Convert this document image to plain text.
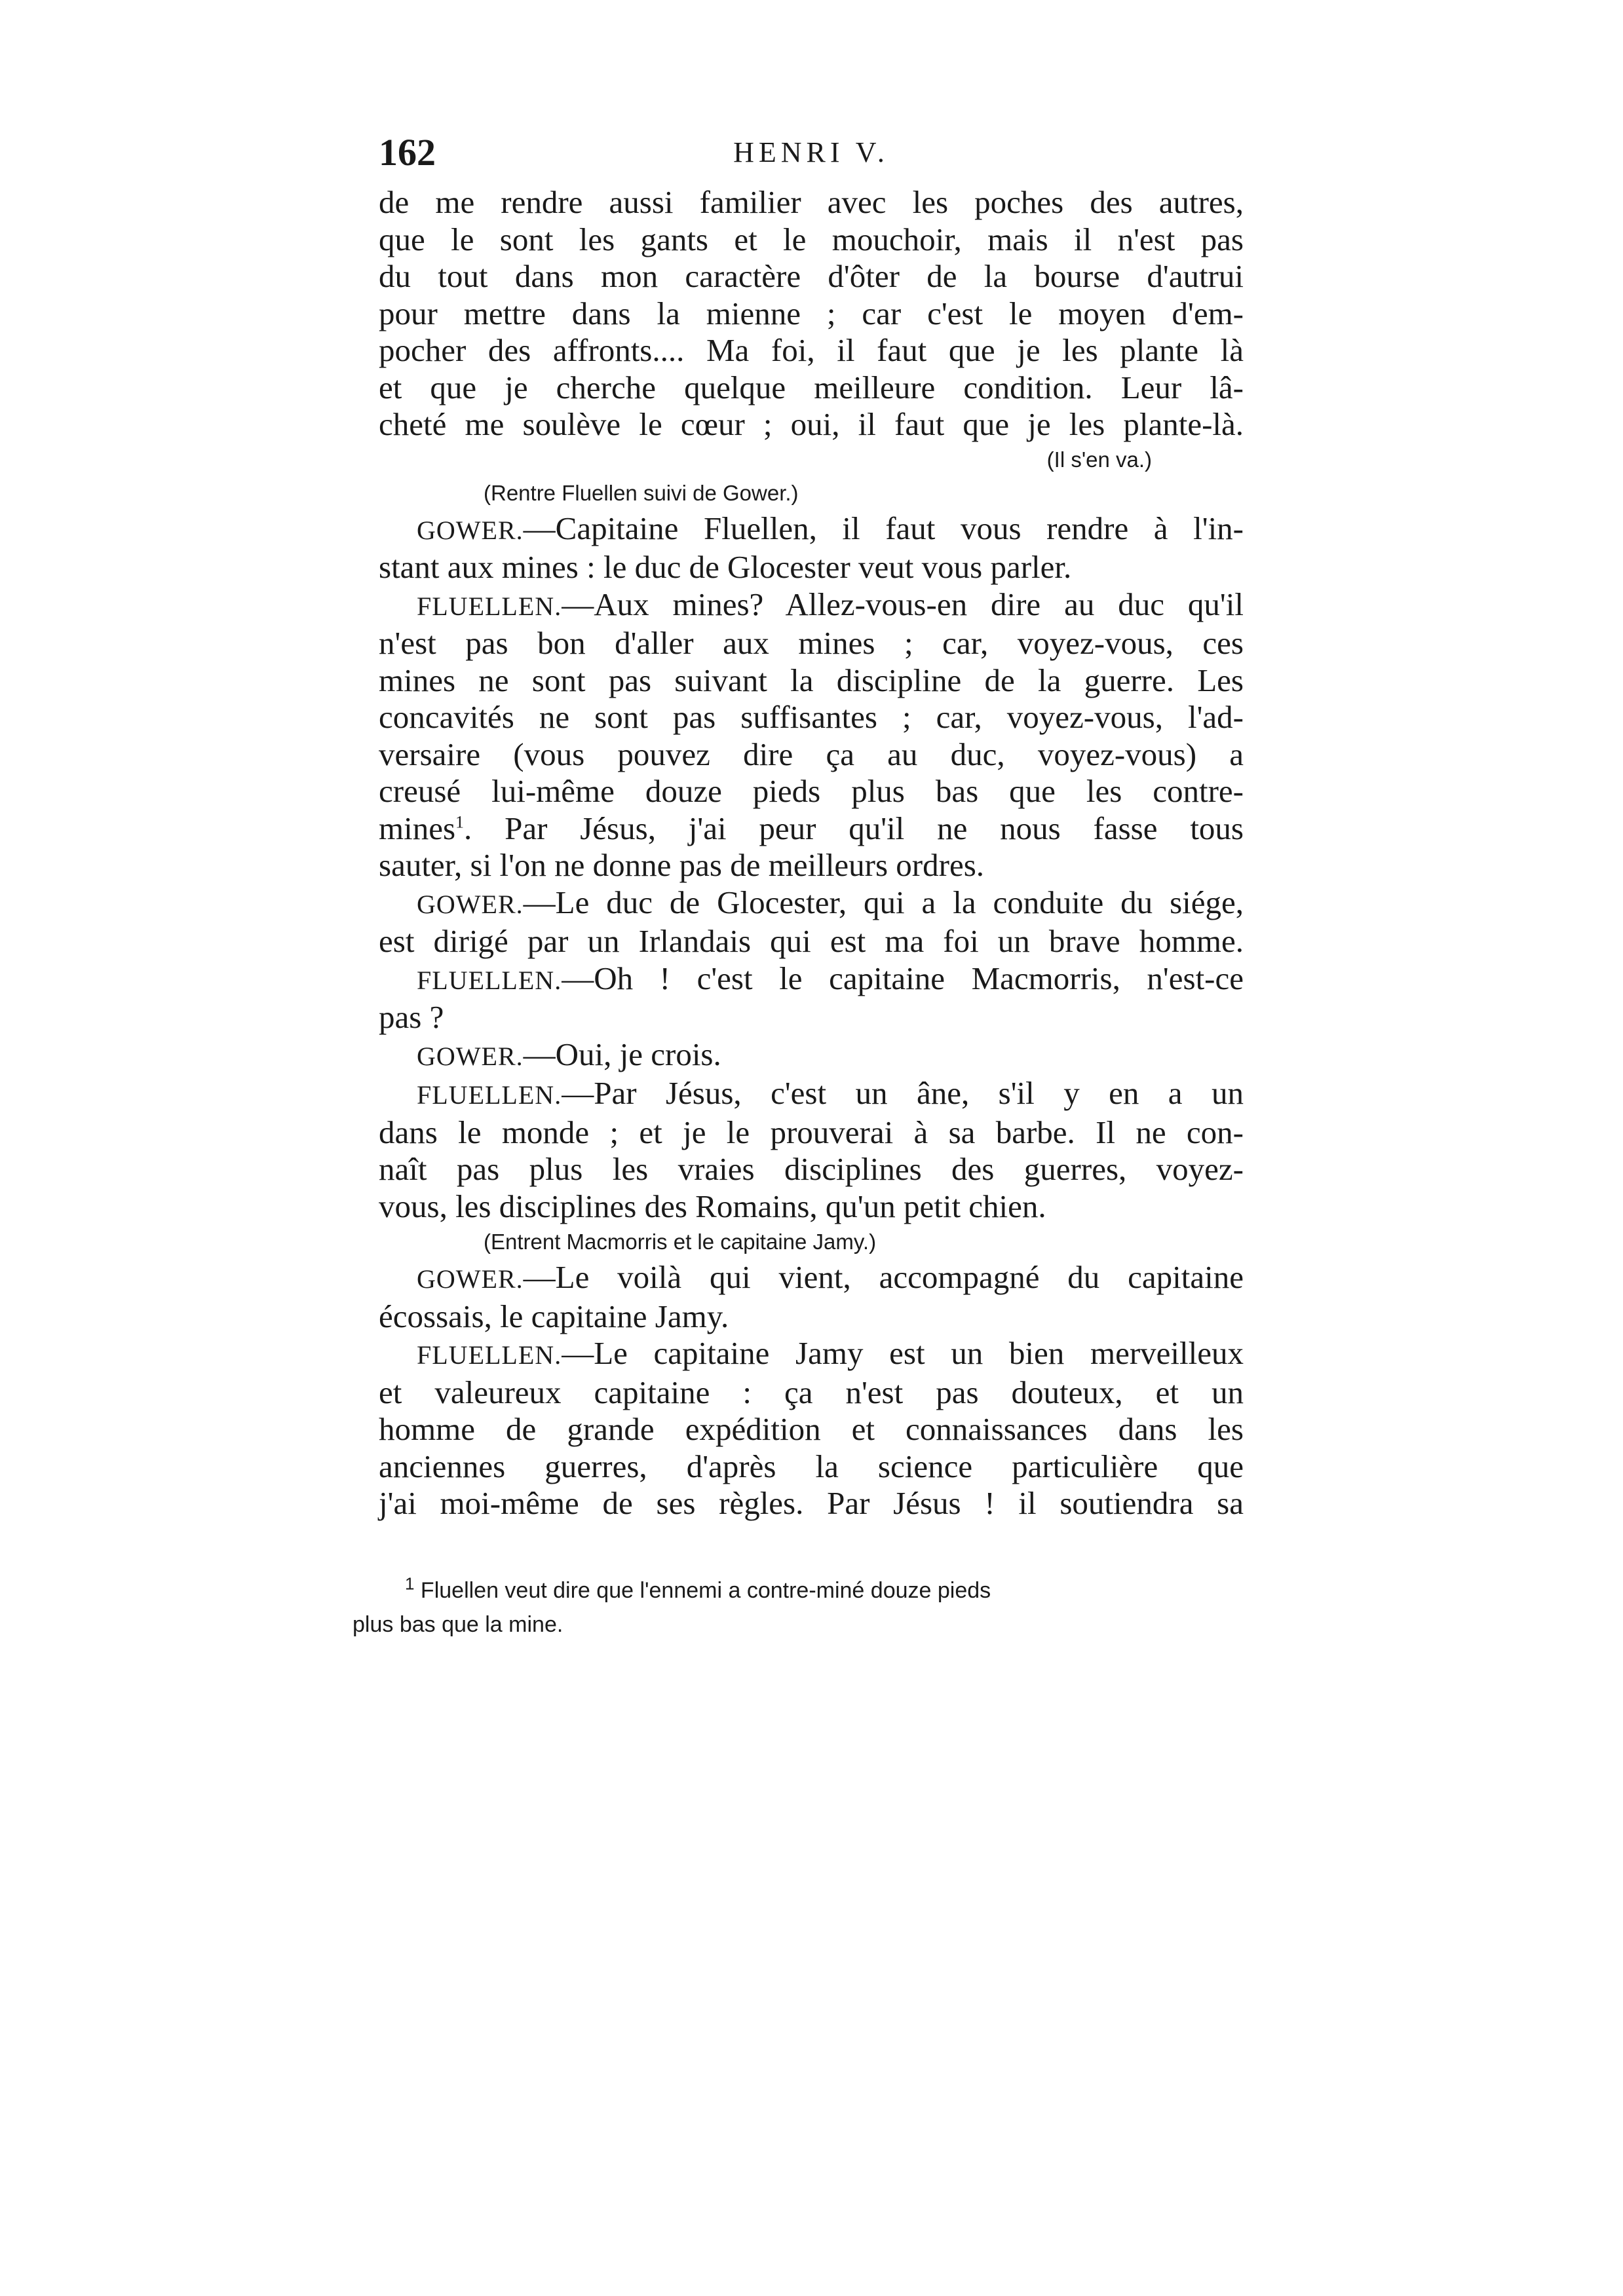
162	HENRI V.
de me rendre aussi familier avec les poches des autres,
que le sont les gants et le mouchoir, mais il n'est pas
du tout dans mon caractère d'ôter de la bourse d'autrui
pour mettre dans la mienne ; car c'est le moyen d'em-
pocher des affronts.... Ma foi, il faut que je les plante là
et que je cherche quelque meilleure condition. Leur lâ-
cheté me soulève le cœur ; oui, il faut que je les plante-là.

(Il s'en va.)

(Rentre Fluellen suivi de Gower.)

GOWER.—Capitaine Fluellen, il faut vous rendre à l'in-
stant aux mines : le duc de Glocester veut vous parler.
FLUELLEN.—Aux mines? Allez-vous-en dire au duc qu'il
n'est pas bon d'aller aux mines ; car, voyez-vous, ces
mines ne sont pas suivant la discipline de la guerre. Les
concavités ne sont pas suffisantes ; car, voyez-vous, l'ad-
versaire (vous pouvez dire ça au duc, voyez-vous) a
creusé lui-même douze pieds plus bas que les contre-
mines$^1$. Par Jésus, j'ai peur qu'il ne nous fasse tous
sauter, si l'on ne donne pas de meilleurs ordres.
GOWER.—Le duc de Glocester, qui a la conduite du siége,
est dirigé par un Irlandais qui est ma foi un brave homme.
FLUELLEN.—Oh ! c'est le capitaine Macmorris, n'est-ce
pas ?
GOWER.—Oui, je crois.
FLUELLEN.—Par Jésus, c'est un âne, s'il y en a un
dans le monde ; et je le prouverai à sa barbe. Il ne con-
naît pas plus les vraies disciplines des guerres, voyez-
vous, les disciplines des Romains, qu'un petit chien.

(Entrent Macmorris et le capitaine Jamy.)

GOWER.—Le voilà qui vient, accompagné du capitaine
écossais, le capitaine Jamy.
FLUELLEN.—Le capitaine Jamy est un bien merveilleux
et valeureux capitaine : ça n'est pas douteux, et un
homme de grande expédition et connaissances dans les
anciennes guerres, d'après la science particulière que
j'ai moi-même de ses règles. Par Jésus ! il soutiendra sa
$^1$ Fluellen veut dire que l'ennemi a contre-miné douze pieds
plus bas que la mine.
